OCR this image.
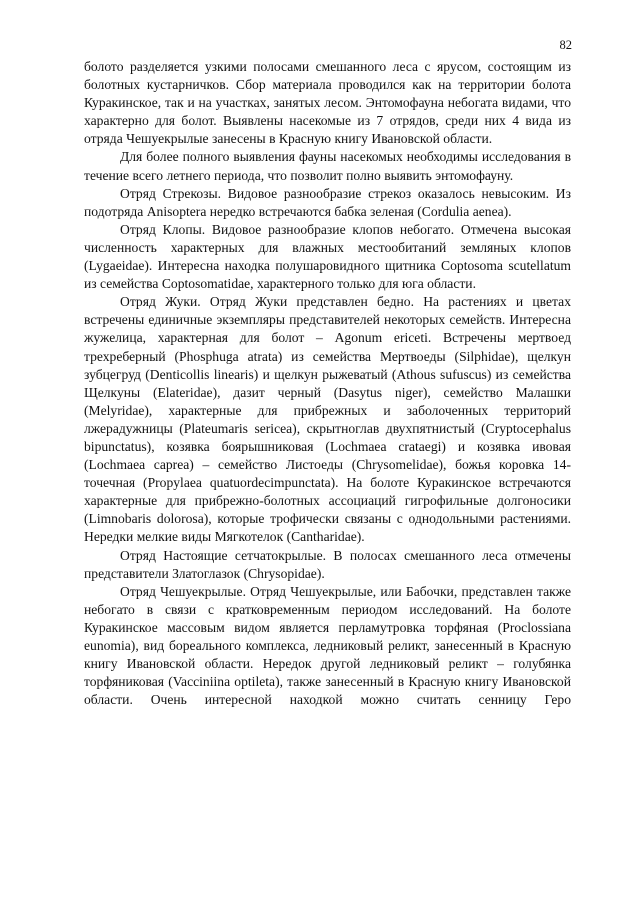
82

болото разделяется узкими полосами смешанного леса с ярусом, состоящим из болотных кустарничков. Сбор материала проводился как на территории болота Куракинское, так и на участках, занятых лесом. Энтомофауна небогата видами, что характерно для болот. Выявлены насекомые из 7 отрядов, среди них 4 вида из отряда Чешуекрылые занесены в Красную книгу Ивановской области.

Для более полного выявления фауны насекомых необходимы исследования в течение всего летнего периода, что позволит полно выявить энтомофауну.

Отряд Стрекозы. Видовое разнообразие стрекоз оказалось невысоким. Из подотряда Anisoptera нередко встречаются бабка зеленая (Cordulia aenea).

Отряд Клопы. Видовое разнообразие клопов небогато. Отмечена высокая численность характерных для влажных местообитаний земляных клопов (Lygaeidae). Интересна находка полушаровидного щитника Coptosoma scutellatum из семейства Coptosomatidae, характерного только для юга области.

Отряд Жуки. Отряд Жуки представлен бедно. На растениях и цветах встречены единичные экземпляры представителей некоторых семейств. Интересна жужелица, характерная для болот – Agonum ericeti. Встречены мертвоед трехреберный (Phosphuga atrata) из семейства Мертвоеды (Silphidae), щелкун зубцегруд (Denticollis linearis) и щелкун рыжеватый (Athous sufuscus) из семейства Щелкуны (Elateridae), дазит черный (Dasytus niger), семейство Малашки (Melyridae), характерные для прибрежных и заболоченных территорий лжерадужницы (Plateumaris sericea), скрытноглав двухпятнистый (Cryptocephalus bipunctatus), козявка боярышниковая (Lochmaea crataegi) и козявка ивовая (Lochmaea caprea) – семейство Листоеды (Chrysomelidae), божья коровка 14-точечная (Propylaea quatuordecimpunctata). На болоте Куракинское встречаются характерные для прибрежно-болотных ассоциаций гигрофильные долгоносики (Limnobaris dolorosa), которые трофически связаны с однодольными растениями. Нередки мелкие виды Мягкотелок (Cantharidae).

Отряд Настоящие сетчатокрылые. В полосах смешанного леса отмечены представители Златоглазок (Chrysopidae).

Отряд Чешуекрылые. Отряд Чешуекрылые, или Бабочки, представлен также небогато в связи с кратковременным периодом исследований. На болоте Куракинское массовым видом является перламутровка торфяная (Proclossiana eunomia), вид бореального комплекса, ледниковый реликт, занесенный в Красную книгу Ивановской области. Нередок другой ледниковый реликт – голубянка торфяниковая (Vacciniina optileta), также занесенный в Красную книгу Ивановской области. Очень интересной находкой можно считать сенницу Геро
